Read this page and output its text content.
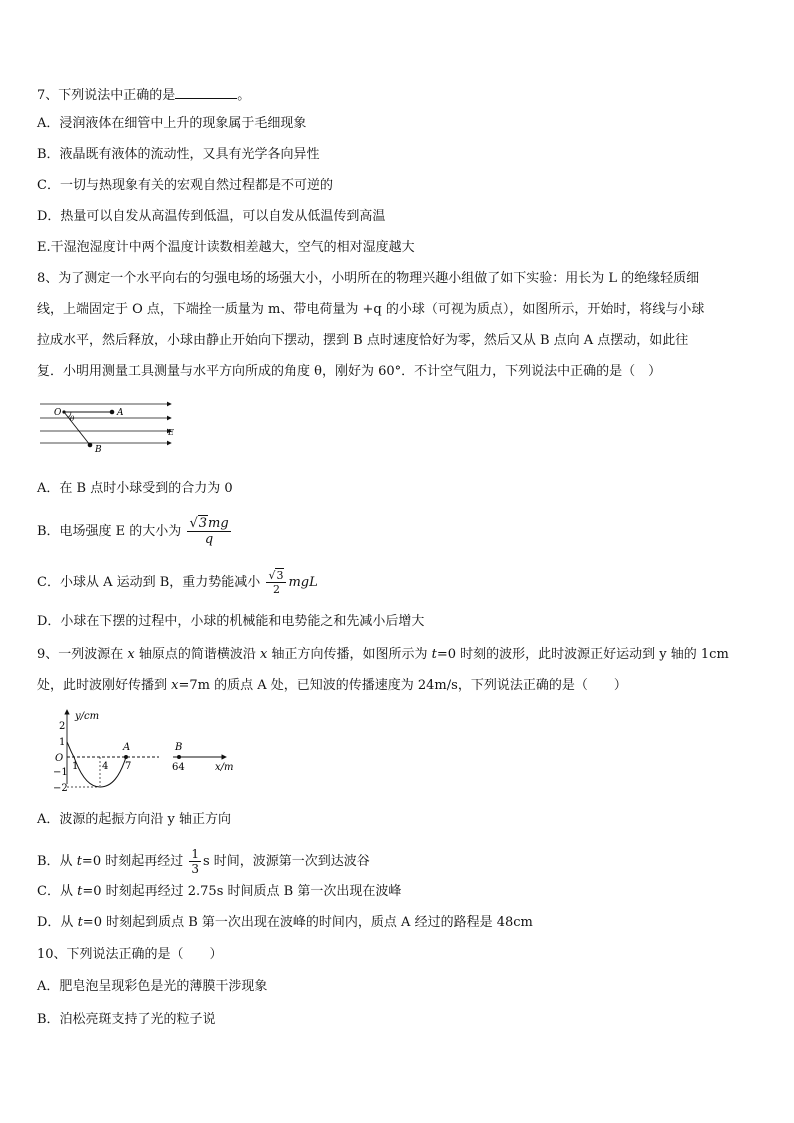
7、下列说法中正确的是	。
A．浸润液体在细管中上升的现象属于毛细现象
B．液晶既有液体的流动性，又具有光学各向异性
C．一切与热现象有关的宏观自然过程都是不可逆的
D．热量可以自发从高温传到低温，可以自发从低温传到高温
E.干湿泡湿度计中两个温度计读数相差越大，空气的相对湿度越大
8、为了测定一个水平向右的匀强电场的场强大小，小明所在的物理兴趣小组做了如下实验：用长为 L 的绝缘轻质细
线，上端固定于 O 点，下端拴一质量为 m、带电荷量为 +q 的小球（可视为质点），如图所示，开始时，将线与小球
拉成水平，然后释放，小球由静止开始向下摆动，摆到 B 点时速度恰好为零，然后又从 B 点向 A 点摆动，如此往
复．小明用测量工具测量与水平方向所成的角度 θ，刚好为 60°．不计空气阻力，下列说法中正确的是（　）
O
θ
A
B
E
A．在 B 点时小球受到的合力为 0
B．电场强度 E 的大小为 $\frac{√3mg}{q}$
C．小球从 A 运动到 B，重力势能减小 $\frac{√3}{2}$ mgL
D．小球在下摆的过程中，小球的机械能和电势能之和先减小后增大
9、一列波源在 x 轴原点的简谐横波沿 x 轴正方向传播，如图所示为 t=0 时刻的波形，此时波源正好运动到 y 轴的 1cm
处，此时波刚好传播到 x=7m 的质点 A 处，已知波的传播速度为 24m/s，下列说法正确的是（　　）
y/cm
x/m
2
1
O
−1
−2
1 4 7	64
A	B
A．波源的起振方向沿 y 轴正方向
B．从 t=0 时刻起再经过 $\frac{1}{3}$ s 时间，波源第一次到达波谷
C．从 t=0 时刻起再经过 2.75s 时间质点 B 第一次出现在波峰
D．从 t=0 时刻起到质点 B 第一次出现在波峰的时间内，质点 A 经过的路程是 48cm
10、下列说法正确的是（　　）
A．肥皂泡呈现彩色是光的薄膜干涉现象
B．泊松亮斑支持了光的粒子说
